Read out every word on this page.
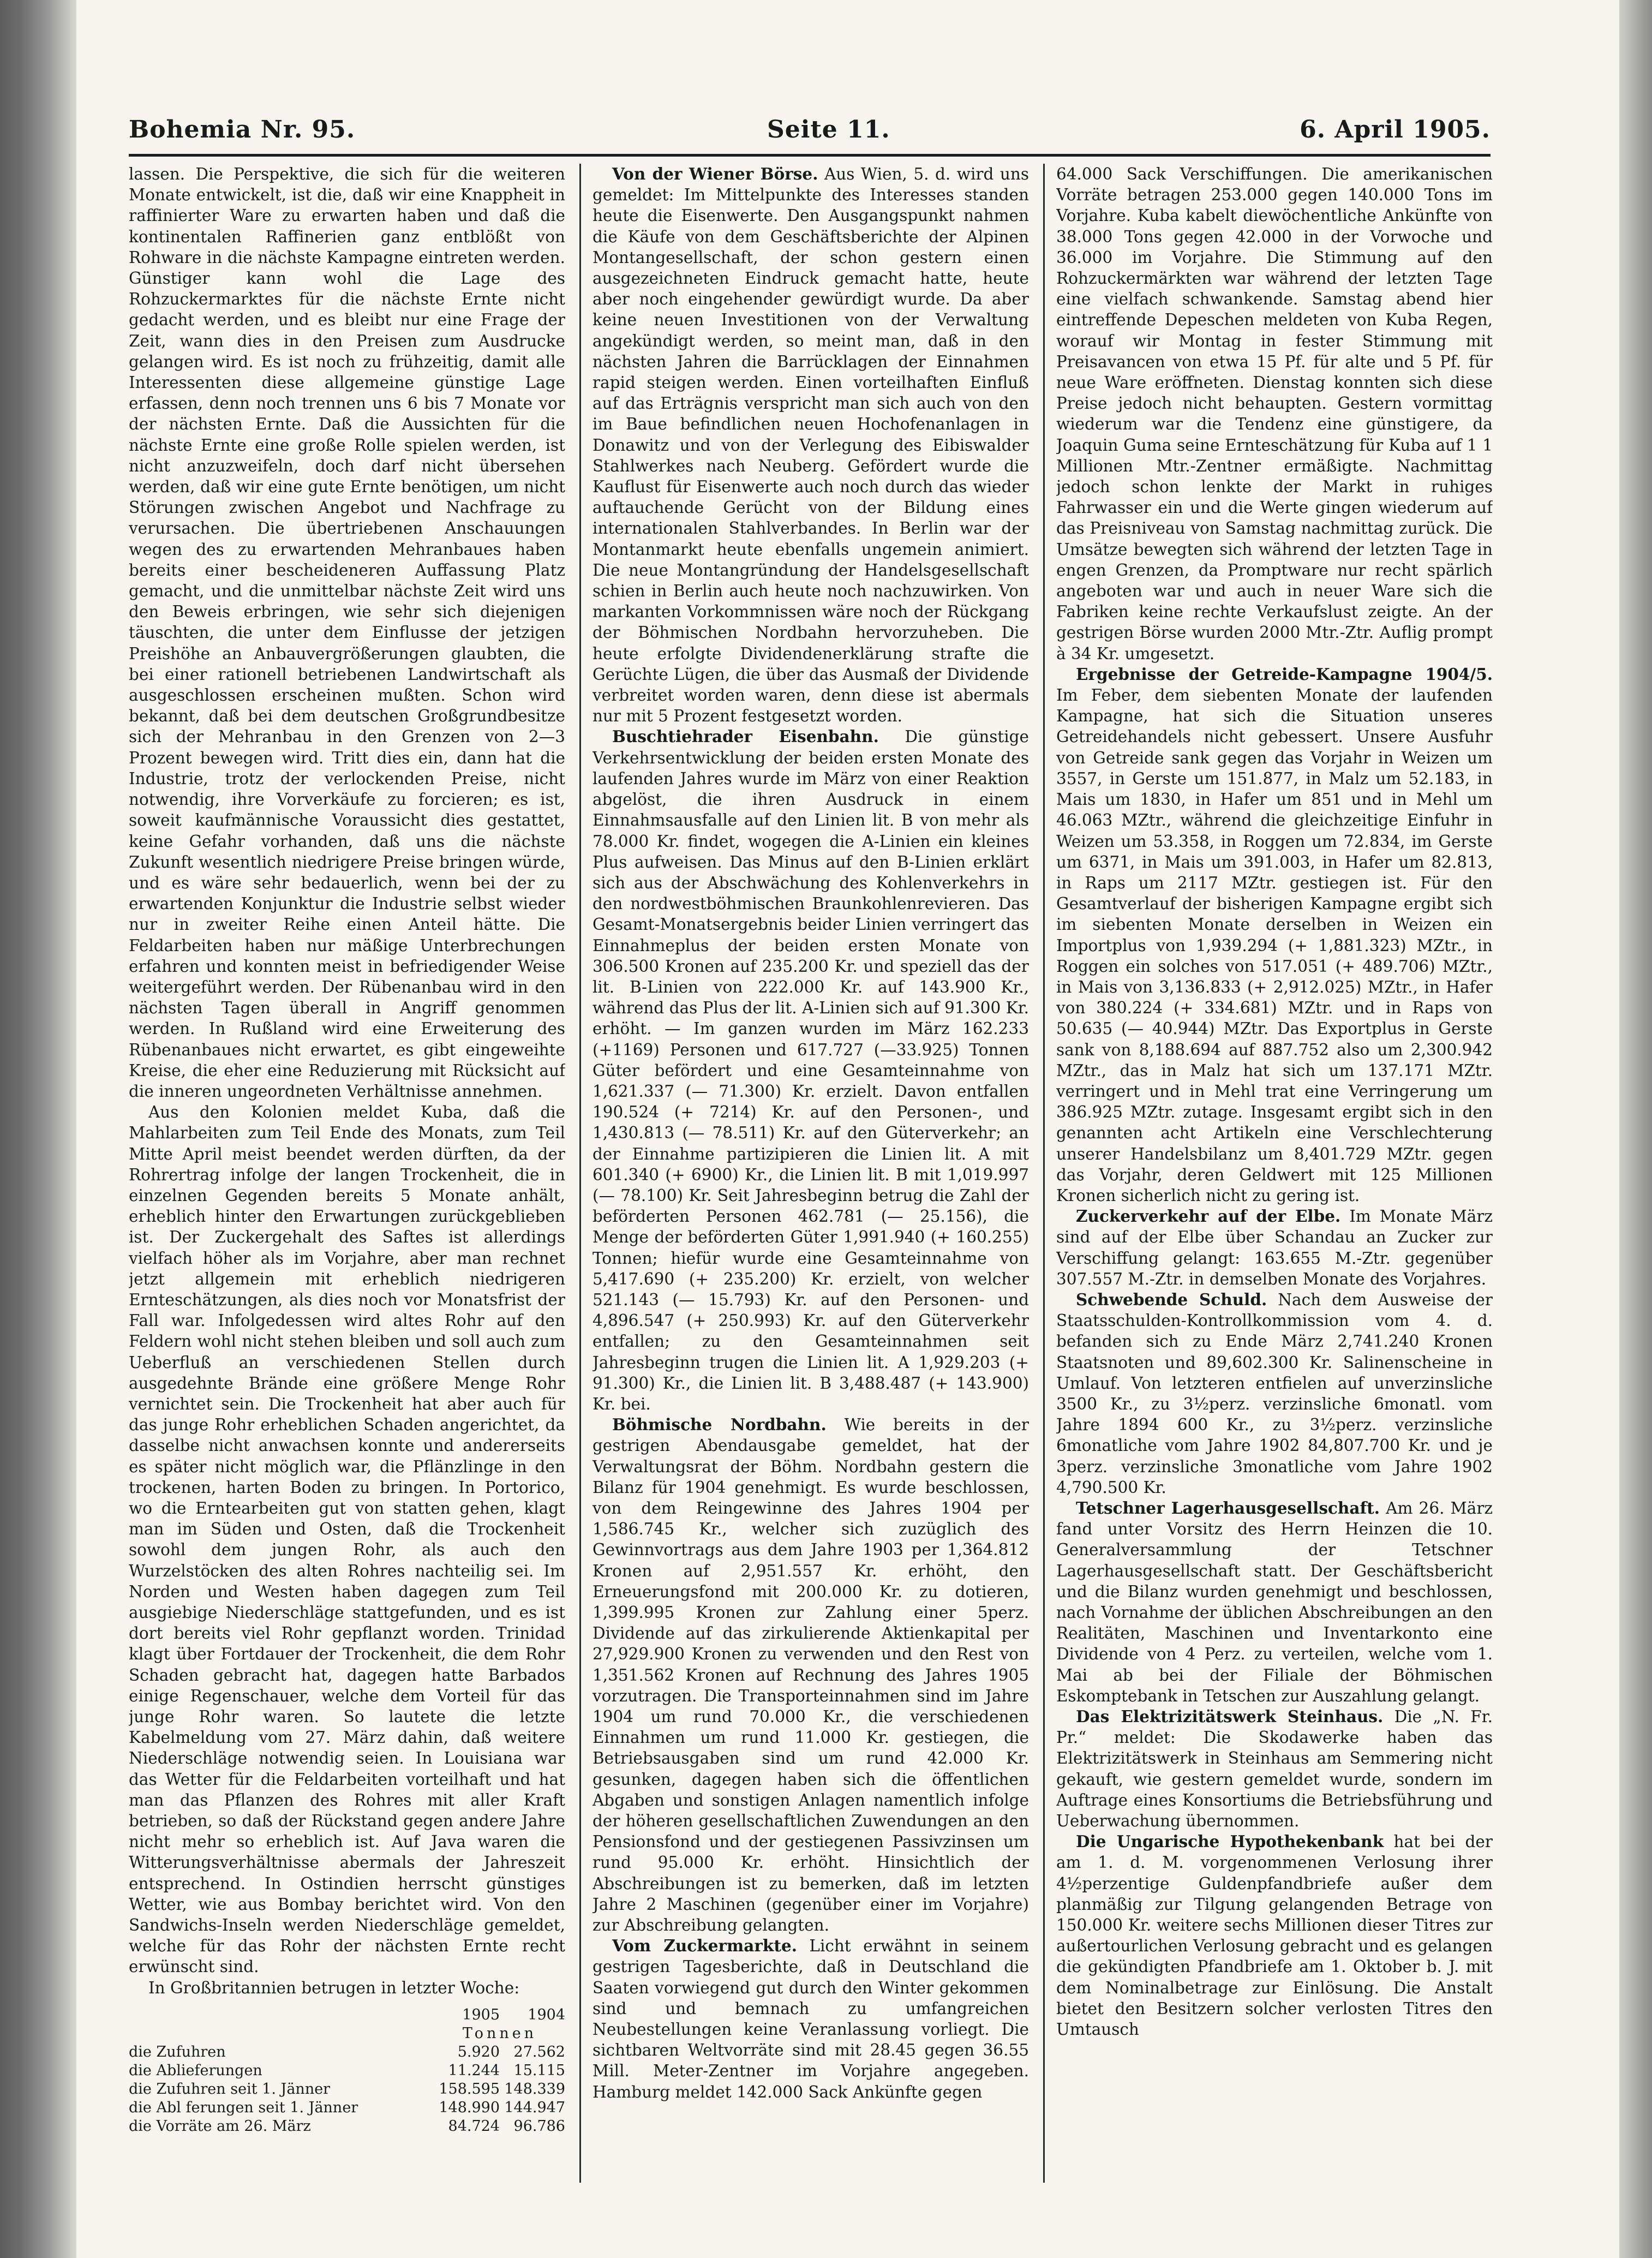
Bohemia Nr. 95.	Seite 11.	6. April 1905.

lassen. Die Perspektive, die sich für die weiteren Monate entwickelt, ist die, daß wir eine Knappheit in raffinierter Ware zu erwarten haben und daß die kontinentalen Raffinerien ganz entblößt von Rohware in die nächste Kampagne eintreten werden. Günstiger kann wohl die Lage des Rohzuckermarktes für die nächste Ernte nicht gedacht werden, und es bleibt nur eine Frage der Zeit, wann dies in den Preisen zum Ausdrucke gelangen wird. Es ist noch zu frühzeitig, damit alle Interessenten diese allgemeine günstige Lage erfassen, denn noch trennen uns 6 bis 7 Monate vor der nächsten Ernte. Daß die Aussichten für die nächste Ernte eine große Rolle spielen werden, ist nicht anzuzweifeln, doch darf nicht übersehen werden, daß wir eine gute Ernte benötigen, um nicht Störungen zwischen Angebot und Nachfrage zu verursachen. Die übertriebenen Anschauungen wegen des zu erwartenden Mehranbaues haben bereits einer bescheideneren Auffassung Platz gemacht, und die unmittelbar nächste Zeit wird uns den Beweis erbringen, wie sehr sich diejenigen täuschten, die unter dem Einflusse der jetzigen Preishöhe an Anbauvergrößerungen glaubten, die bei einer rationell betriebenen Landwirtschaft als ausgeschlossen erscheinen mußten. Schon wird bekannt, daß bei dem deutschen Großgrundbesitze sich der Mehranbau in den Grenzen von 2—3 Prozent bewegen wird. Tritt dies ein, dann hat die Industrie, trotz der verlockenden Preise, nicht notwendig, ihre Vorverkäufe zu forcieren; es ist, soweit kaufmännische Voraussicht dies gestattet, keine Gefahr vorhanden, daß uns die nächste Zukunft wesentlich niedrigere Preise bringen würde, und es wäre sehr bedauerlich, wenn bei der zu erwartenden Konjunktur die Industrie selbst wieder nur in zweiter Reihe einen Anteil hätte. Die Feldarbeiten haben nur mäßige Unterbrechungen erfahren und konnten meist in befriedigender Weise weitergeführt werden. Der Rübenanbau wird in den nächsten Tagen überall in Angriff genommen werden. In Rußland wird eine Erweiterung des Rübenanbaues nicht erwartet, es gibt eingeweihte Kreise, die eher eine Reduzierung mit Rücksicht auf die inneren ungeordneten Verhältnisse annehmen.

Aus den Kolonien meldet Kuba, daß die Mahlarbeiten zum Teil Ende des Monats, zum Teil Mitte April meist beendet werden dürften, da der Rohrertrag infolge der langen Trockenheit, die in einzelnen Gegenden bereits 5 Monate anhält, erheblich hinter den Erwartungen zurückgeblieben ist. Der Zuckergehalt des Saftes ist allerdings vielfach höher als im Vorjahre, aber man rechnet jetzt allgemein mit erheblich niedrigeren Ernteschätzungen, als dies noch vor Monatsfrist der Fall war. Infolgedessen wird altes Rohr auf den Feldern wohl nicht stehen bleiben und soll auch zum Ueberfluß an verschiedenen Stellen durch ausgedehnte Brände eine größere Menge Rohr vernichtet sein. Die Trockenheit hat aber auch für das junge Rohr erheblichen Schaden angerichtet, da dasselbe nicht anwachsen konnte und andererseits es später nicht möglich war, die Pflänzlinge in den trockenen, harten Boden zu bringen. In Portorico, wo die Erntearbeiten gut von statten gehen, klagt man im Süden und Osten, daß die Trockenheit sowohl dem jungen Rohr, als auch den Wurzelstöcken des alten Rohres nachteilig sei. Im Norden und Westen haben dagegen zum Teil ausgiebige Niederschläge stattgefunden, und es ist dort bereits viel Rohr gepflanzt worden. Trinidad klagt über Fortdauer der Trockenheit, die dem Rohr Schaden gebracht hat, dagegen hatte Barbados einige Regenschauer, welche dem Vorteil für das junge Rohr waren. So lautete die letzte Kabelmeldung vom 27. März dahin, daß weitere Niederschläge notwendig seien. In Louisiana war das Wetter für die Feldarbeiten vorteilhaft und hat man das Pflanzen des Rohres mit aller Kraft betrieben, so daß der Rückstand gegen andere Jahre nicht mehr so erheblich ist. Auf Java waren die Witterungsverhältnisse abermals der Jahreszeit entsprechend. In Ostindien herrscht günstiges Wetter, wie aus Bombay berichtet wird. Von den Sandwichs-Inseln werden Niederschläge gemeldet, welche für das Rohr der nächsten Ernte recht erwünscht sind.

In Großbritannien betrugen in letzter Woche:

	1905	1904
	Tonnen	
die Zufuhren	5.920	27.562
die Ablieferungen	11.244	15.115
die Zufuhren seit 1. Jänner	158.595	148.339
die Abl ferungen seit 1. Jänner	148.990	144.947
die Vorräte am 26. März	84.724	96.786

Von der Wiener Börse. Aus Wien, 5. d. wird uns gemeldet: Im Mittelpunkte des Interesses standen heute die Eisenwerte. Den Ausgangspunkt nahmen die Käufe von dem Geschäftsberichte der Alpinen Montangesellschaft, der schon gestern einen ausgezeichneten Eindruck gemacht hatte, heute aber noch eingehender gewürdigt wurde. Da aber keine neuen Investitionen von der Verwaltung angekündigt werden, so meint man, daß in den nächsten Jahren die Barrücklagen der Einnahmen rapid steigen werden. Einen vorteilhaften Einfluß auf das Erträgnis verspricht man sich auch von den im Baue befindlichen neuen Hochofenanlagen in Donawitz und von der Verlegung des Eibiswalder Stahlwerkes nach Neuberg. Gefördert wurde die Kauflust für Eisenwerte auch noch durch das wieder auftauchende Gerücht von der Bildung eines internationalen Stahlverbandes. In Berlin war der Montanmarkt heute ebenfalls ungemein animiert. Die neue Montangründung der Handelsgesellschaft schien in Berlin auch heute noch nachzuwirken. Von markanten Vorkommnissen wäre noch der Rückgang der Böhmischen Nordbahn hervorzuheben. Die heute erfolgte Dividendenerklärung strafte die Gerüchte Lügen, die über das Ausmaß der Dividende verbreitet worden waren, denn diese ist abermals nur mit 5 Prozent festgesetzt worden.

Buschtiehrader Eisenbahn. Die günstige Verkehrsentwicklung der beiden ersten Monate des laufenden Jahres wurde im März von einer Reaktion abgelöst, die ihren Ausdruck in einem Einnahmsausfalle auf den Linien lit. B von mehr als 78.000 Kr. findet, wogegen die A-Linien ein kleines Plus aufweisen. Das Minus auf den B-Linien erklärt sich aus der Abschwächung des Kohlenverkehrs in den nordwestböhmischen Braunkohlenrevieren. Das Gesamt-Monatsergebnis beider Linien verringert das Einnahmeplus der beiden ersten Monate von 306.500 Kronen auf 235.200 Kr. und speziell das der lit. B-Linien von 222.000 Kr. auf 143.900 Kr., während das Plus der lit. A-Linien sich auf 91.300 Kr. erhöht. — Im ganzen wurden im März 162.233 (+1169) Personen und 617.727 (—33.925) Tonnen Güter befördert und eine Gesamteinnahme von 1,621.337 (— 71.300) Kr. erzielt. Davon entfallen 190.524 (+ 7214) Kr. auf den Personen-, und 1,430.813 (— 78.511) Kr. auf den Güterverkehr; an der Einnahme partizipieren die Linien lit. A mit 601.340 (+ 6900) Kr., die Linien lit. B mit 1,019.997 (— 78.100) Kr. Seit Jahresbeginn betrug die Zahl der beförderten Personen 462.781 (— 25.156), die Menge der beförderten Güter 1,991.940 (+ 160.255) Tonnen; hiefür wurde eine Gesamteinnahme von 5,417.690 (+ 235.200) Kr. erzielt, von welcher 521.143 (— 15.793) Kr. auf den Personen- und 4,896.547 (+ 250.993) Kr. auf den Güterverkehr entfallen; zu den Gesamteinnahmen seit Jahresbeginn trugen die Linien lit. A 1,929.203 (+ 91.300) Kr., die Linien lit. B 3,488.487 (+ 143.900) Kr. bei.

Böhmische Nordbahn. Wie bereits in der gestrigen Abendausgabe gemeldet, hat der Verwaltungsrat der Böhm. Nordbahn gestern die Bilanz für 1904 genehmigt. Es wurde beschlossen, von dem Reingewinne des Jahres 1904 per 1,586.745 Kr., welcher sich zuzüglich des Gewinnvortrags aus dem Jahre 1903 per 1,364.812 Kronen auf 2,951.557 Kr. erhöht, den Erneuerungsfond mit 200.000 Kr. zu dotieren, 1,399.995 Kronen zur Zahlung einer 5perz. Dividende auf das zirkulierende Aktienkapital per 27,929.900 Kronen zu verwenden und den Rest von 1,351.562 Kronen auf Rechnung des Jahres 1905 vorzutragen. Die Transporteinnahmen sind im Jahre 1904 um rund 70.000 Kr., die verschiedenen Einnahmen um rund 11.000 Kr. gestiegen, die Betriebsausgaben sind um rund 42.000 Kr. gesunken, dagegen haben sich die öffentlichen Abgaben und sonstigen Anlagen namentlich infolge der höheren gesellschaftlichen Zuwendungen an den Pensionsfond und der gestiegenen Passivzinsen um rund 95.000 Kr. erhöht. Hinsichtlich der Abschreibungen ist zu bemerken, daß im letzten Jahre 2 Maschinen (gegenüber einer im Vorjahre) zur Abschreibung gelangten.

Vom Zuckermarkte. Licht erwähnt in seinem gestrigen Tagesberichte, daß in Deutschland die Saaten vorwiegend gut durch den Winter gekommen sind und bemnach zu umfangreichen Neubestellungen keine Veranlassung vorliegt. Die sichtbaren Weltvorräte sind mit 28.45 gegen 36.55 Mill. Meter-Zentner im Vorjahre angegeben. Hamburg meldet 142.000 Sack Ankünfte gegen

64.000 Sack Verschiffungen. Die amerikanischen Vorräte betragen 253.000 gegen 140.000 Tons im Vorjahre. Kuba kabelt diewöchentliche Ankünfte von 38.000 Tons gegen 42.000 in der Vorwoche und 36.000 im Vorjahre. Die Stimmung auf den Rohzuckermärkten war während der letzten Tage eine vielfach schwankende. Samstag abend hier eintreffende Depeschen meldeten von Kuba Regen, worauf wir Montag in fester Stimmung mit Preisavancen von etwa 15 Pf. für alte und 5 Pf. für neue Ware eröffneten. Dienstag konnten sich diese Preise jedoch nicht behaupten. Gestern vormittag wiederum war die Tendenz eine günstigere, da Joaquin Guma seine Ernteschätzung für Kuba auf 1 1 Millionen Mtr.-Zentner ermäßigte. Nachmittag jedoch schon lenkte der Markt in ruhiges Fahrwasser ein und die Werte gingen wiederum auf das Preisniveau von Samstag nachmittag zurück. Die Umsätze bewegten sich während der letzten Tage in engen Grenzen, da Promptware nur recht spärlich angeboten war und auch in neuer Ware sich die Fabriken keine rechte Verkaufslust zeigte. An der gestrigen Börse wurden 2000 Mtr.-Ztr. Auflig prompt à 34 Kr. umgesetzt.

Ergebnisse der Getreide-Kampagne 1904/5. Im Feber, dem siebenten Monate der laufenden Kampagne, hat sich die Situation unseres Getreidehandels nicht gebessert. Unsere Ausfuhr von Getreide sank gegen das Vorjahr in Weizen um 3557, in Gerste um 151.877, in Malz um 52.183, in Mais um 1830, in Hafer um 851 und in Mehl um 46.063 MZtr., während die gleichzeitige Einfuhr in Weizen um 53.358, in Roggen um 72.834, im Gerste um 6371, in Mais um 391.003, in Hafer um 82.813, in Raps um 2117 MZtr. gestiegen ist. Für den Gesamtverlauf der bisherigen Kampagne ergibt sich im siebenten Monate derselben in Weizen ein Importplus von 1,939.294 (+ 1,881.323) MZtr., in Roggen ein solches von 517.051 (+ 489.706) MZtr., in Mais von 3,136.833 (+ 2,912.025) MZtr., in Hafer von 380.224 (+ 334.681) MZtr. und in Raps von 50.635 (— 40.944) MZtr. Das Exportplus in Gerste sank von 8,188.694 auf 887.752 also um 2,300.942 MZtr., das in Malz hat sich um 137.171 MZtr. verringert und in Mehl trat eine Verringerung um 386.925 MZtr. zutage. Insgesamt ergibt sich in den genannten acht Artikeln eine Verschlechterung unserer Handelsbilanz um 8,401.729 MZtr. gegen das Vorjahr, deren Geldwert mit 125 Millionen Kronen sicherlich nicht zu gering ist.

Zuckerverkehr auf der Elbe. Im Monate März sind auf der Elbe über Schandau an Zucker zur Verschiffung gelangt: 163.655 M.-Ztr. gegenüber 307.557 M.-Ztr. in demselben Monate des Vorjahres.

Schwebende Schuld. Nach dem Ausweise der Staatsschulden-Kontrollkommission vom 4. d. befanden sich zu Ende März 2,741.240 Kronen Staatsnoten und 89,602.300 Kr. Salinenscheine in Umlauf. Von letzteren entfielen auf unverzinsliche 3500 Kr., zu 3½perz. verzinsliche 6monatl. vom Jahre 1894 600 Kr., zu 3½perz. verzinsliche 6monatliche vom Jahre 1902 84,807.700 Kr. und je 3perz. verzinsliche 3monatliche vom Jahre 1902 4,790.500 Kr.

Tetschner Lagerhausgesellschaft. Am 26. März fand unter Vorsitz des Herrn Heinzen die 10. Generalversammlung der Tetschner Lagerhausgesellschaft statt. Der Geschäftsbericht und die Bilanz wurden genehmigt und beschlossen, nach Vornahme der üblichen Abschreibungen an den Realitäten, Maschinen und Inventarkonto eine Dividende von 4 Perz. zu verteilen, welche vom 1. Mai ab bei der Filiale der Böhmischen Eskomptebank in Tetschen zur Auszahlung gelangt.

Das Elektrizitätswerk Steinhaus. Die „N. Fr. Pr.“ meldet: Die Skodawerke haben das Elektrizitätswerk in Steinhaus am Semmering nicht gekauft, wie gestern gemeldet wurde, sondern im Auftrage eines Konsortiums die Betriebsführung und Ueberwachung übernommen.

Die Ungarische Hypothekenbank hat bei der am 1. d. M. vorgenommenen Verlosung ihrer 4½perzentige Guldenpfandbriefe außer dem planmäßig zur Tilgung gelangenden Betrage von 150.000 Kr. weitere sechs Millionen dieser Titres zur außertourlichen Verlosung gebracht und es gelangen die gekündigten Pfandbriefe am 1. Oktober b. J. mit dem Nominalbetrage zur Einlösung. Die Anstalt bietet den Besitzern solcher verlosten Titres den Umtausch
